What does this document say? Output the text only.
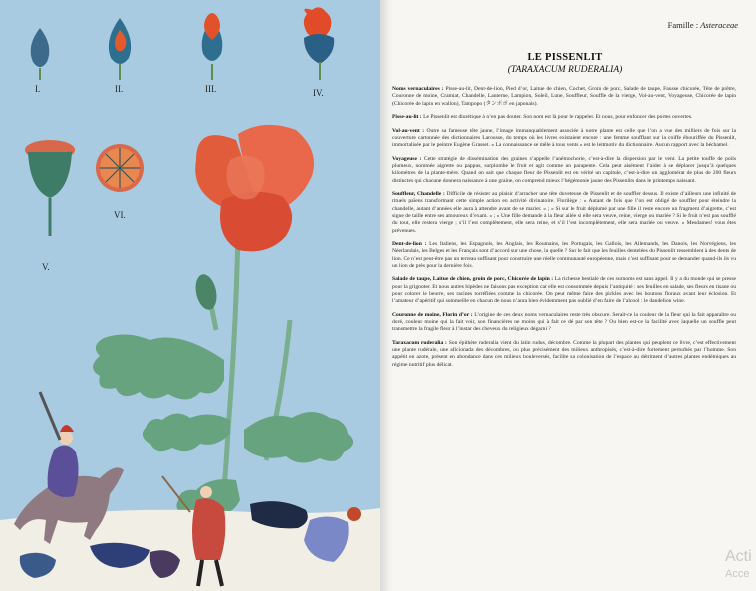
I.	II.	III.	IV.
V.
VI.
Famille : Asteraceae
LE PISSENLIT
(TARAXACUM RUDERALIA)

Noms vernaculaires : Pisse-au-lit, Dent-de-lion, Pied d’or, Laitue de chien, Cochet, Groin de porc, Salade de taupe, Fausse chicorée, Tête de prêtre, Couronne de moine, Cramiat, Chandelle, Lanterne, Lampion, Soleil, Lune, Souffleur, Souffle de la vierge, Vol-au-vent, Voyageuse, Chicorée de lapin (Chicorée de lapin en wallon), Tampopo (タンポポ en japonais).

Pisse-au-lit : Le Pissenlit est diurétique à n’en pas douter. Son nom est là pour le rappeler. Et nous, pour enfoncer des portes ouvertes.

Vol-au-vent : Outre sa fameuse tête jaune, l’image immanquablement associée à notre plante est celle que l’on a vue des milliers de fois sur la couverture cartonnée des dictionnaires Larousse, du temps où les livres existaient encore : une femme soufflant sur la coiffe ébouriffée du Pissenlit, immortalisée par le peintre Eugène Grasset. « La connaissance se mêle à tous vents » est le leitmotiv du dictionnaire. Aucun rapport avec la béchamel.

Voyageuse : Cette stratégie de dissémination des graines s’appelle l’anémochorie, c’est-à-dire la dispersion par le vent. La petite touffe de poils plumeux, nommée aigrette ou pappus, surplombe le fruit et agit comme un parapente. Cela peut aisément l’aider à se déplacer jusqu’à quelques kilomètres de la plante-mère. Quand on sait que chaque fleur de Pissenlit est en vérité un capitule, c’est-à-dire un agglomérat de plus de 200 fleurs distinctes qui chacune donnera naissance à une graine, on comprend mieux l’hégémonie jaune des Pissenlits dans le printemps naissant.

Souffleur, Chandelle : Difficile de résister au plaisir d’arracher une tête duveteuse de Pissenlit et de souffler dessus. Il existe d’ailleurs une infinité de rituels païens transformant cette simple action en activité divinatoire. Florilège : « Autant de fois que l’on est obligé de souffler pour éteindre la chandelle, autant d’années elle aura à attendre avant de se marier. » ; « Si sur le fruit déplumé par une fille il reste encore un fragment d’aigrette, c’est signe de taille entre ses amoureux d’exam. » ; « Une fille demande à la fleur ailée si elle sera veuve, reine, vierge ou mariée ? Si le fruit n’est pas soufflé du tout, elle restera vierge ; s’il l’est complètement, elle sera reine, et s’il l’est incomplètement, elle sera mariée ou veuve. » Mesdames! vous êtes prévenues.

Dent-de-lion : Les Italiens, les Espagnols, les Anglais, les Roumains, les Portugais, les Gallois, les Allemands, les Danois, les Norvégiens, les Néerlandais, les Belges et les Français sont d’accord sur une chose, la quelle ? Sur le fait que les feuilles dentelées du Pissenlit ressemblent à des dents de lion. Ce n’est peut-être pas un terreau suffisant pour construire une réelle communauté européenne, mais c’est suffisant pour se demander quand-ils ils vu un lion de près pour la dernière fois.

Salade de taupe, Laitue de chien, groin de porc, Chicorée de lapin : La richesse bestiale de ces surnoms est sans appel. Il y a du monde qui se presse pour la grignoter. Et nous autres bipèdes ne faisons pas exception car elle est consommée depuis l’antiquité : ses feuilles en salade, ses fleurs en tisane ou pour colorer le beurre, ses racines torréfiées comme la chicorée. On peut même faire des pickles avec les boutons floraux avant leur éclosion. Et l’amateur d’apéritif qui sommeille en chacun de nous n’aura bien évidemment pas oublié d’en faire de l’alcool : le dandelion wine.

Couronne de moine, Florin d’or : L’origine de ces deux noms vernaculaires reste très obscure. Serait-ce la couleur de la fleur qui la fait apparaître ou doré, couleur moine qui la fait voir, son financières ne moins qui à fait ce dé par son tête ? Ou bien est-ce la facilité avec laquelle un souffle peut transmettre la fragile fleur à l’instar des cheveux du religieux dégarni ?

Taraxacum ruderalia : Son épithète ruderalia vient du latin rudus, décombre. Comme la plupart des plantes qui peuplent ce livre, c’est effectivement une plante rudérale, une aficionada des décombres, ou plus précisément des milieux anthropisés, c’est-à-dire fortement perturbés par l’homme. Son appétit en azote, présent en abondance dans ces milieux bouleversés, facilite sa colonisation de l’espace au détriment d’autres plantes endémiques au régime nutritif plus délicat.

Acti
Acce
